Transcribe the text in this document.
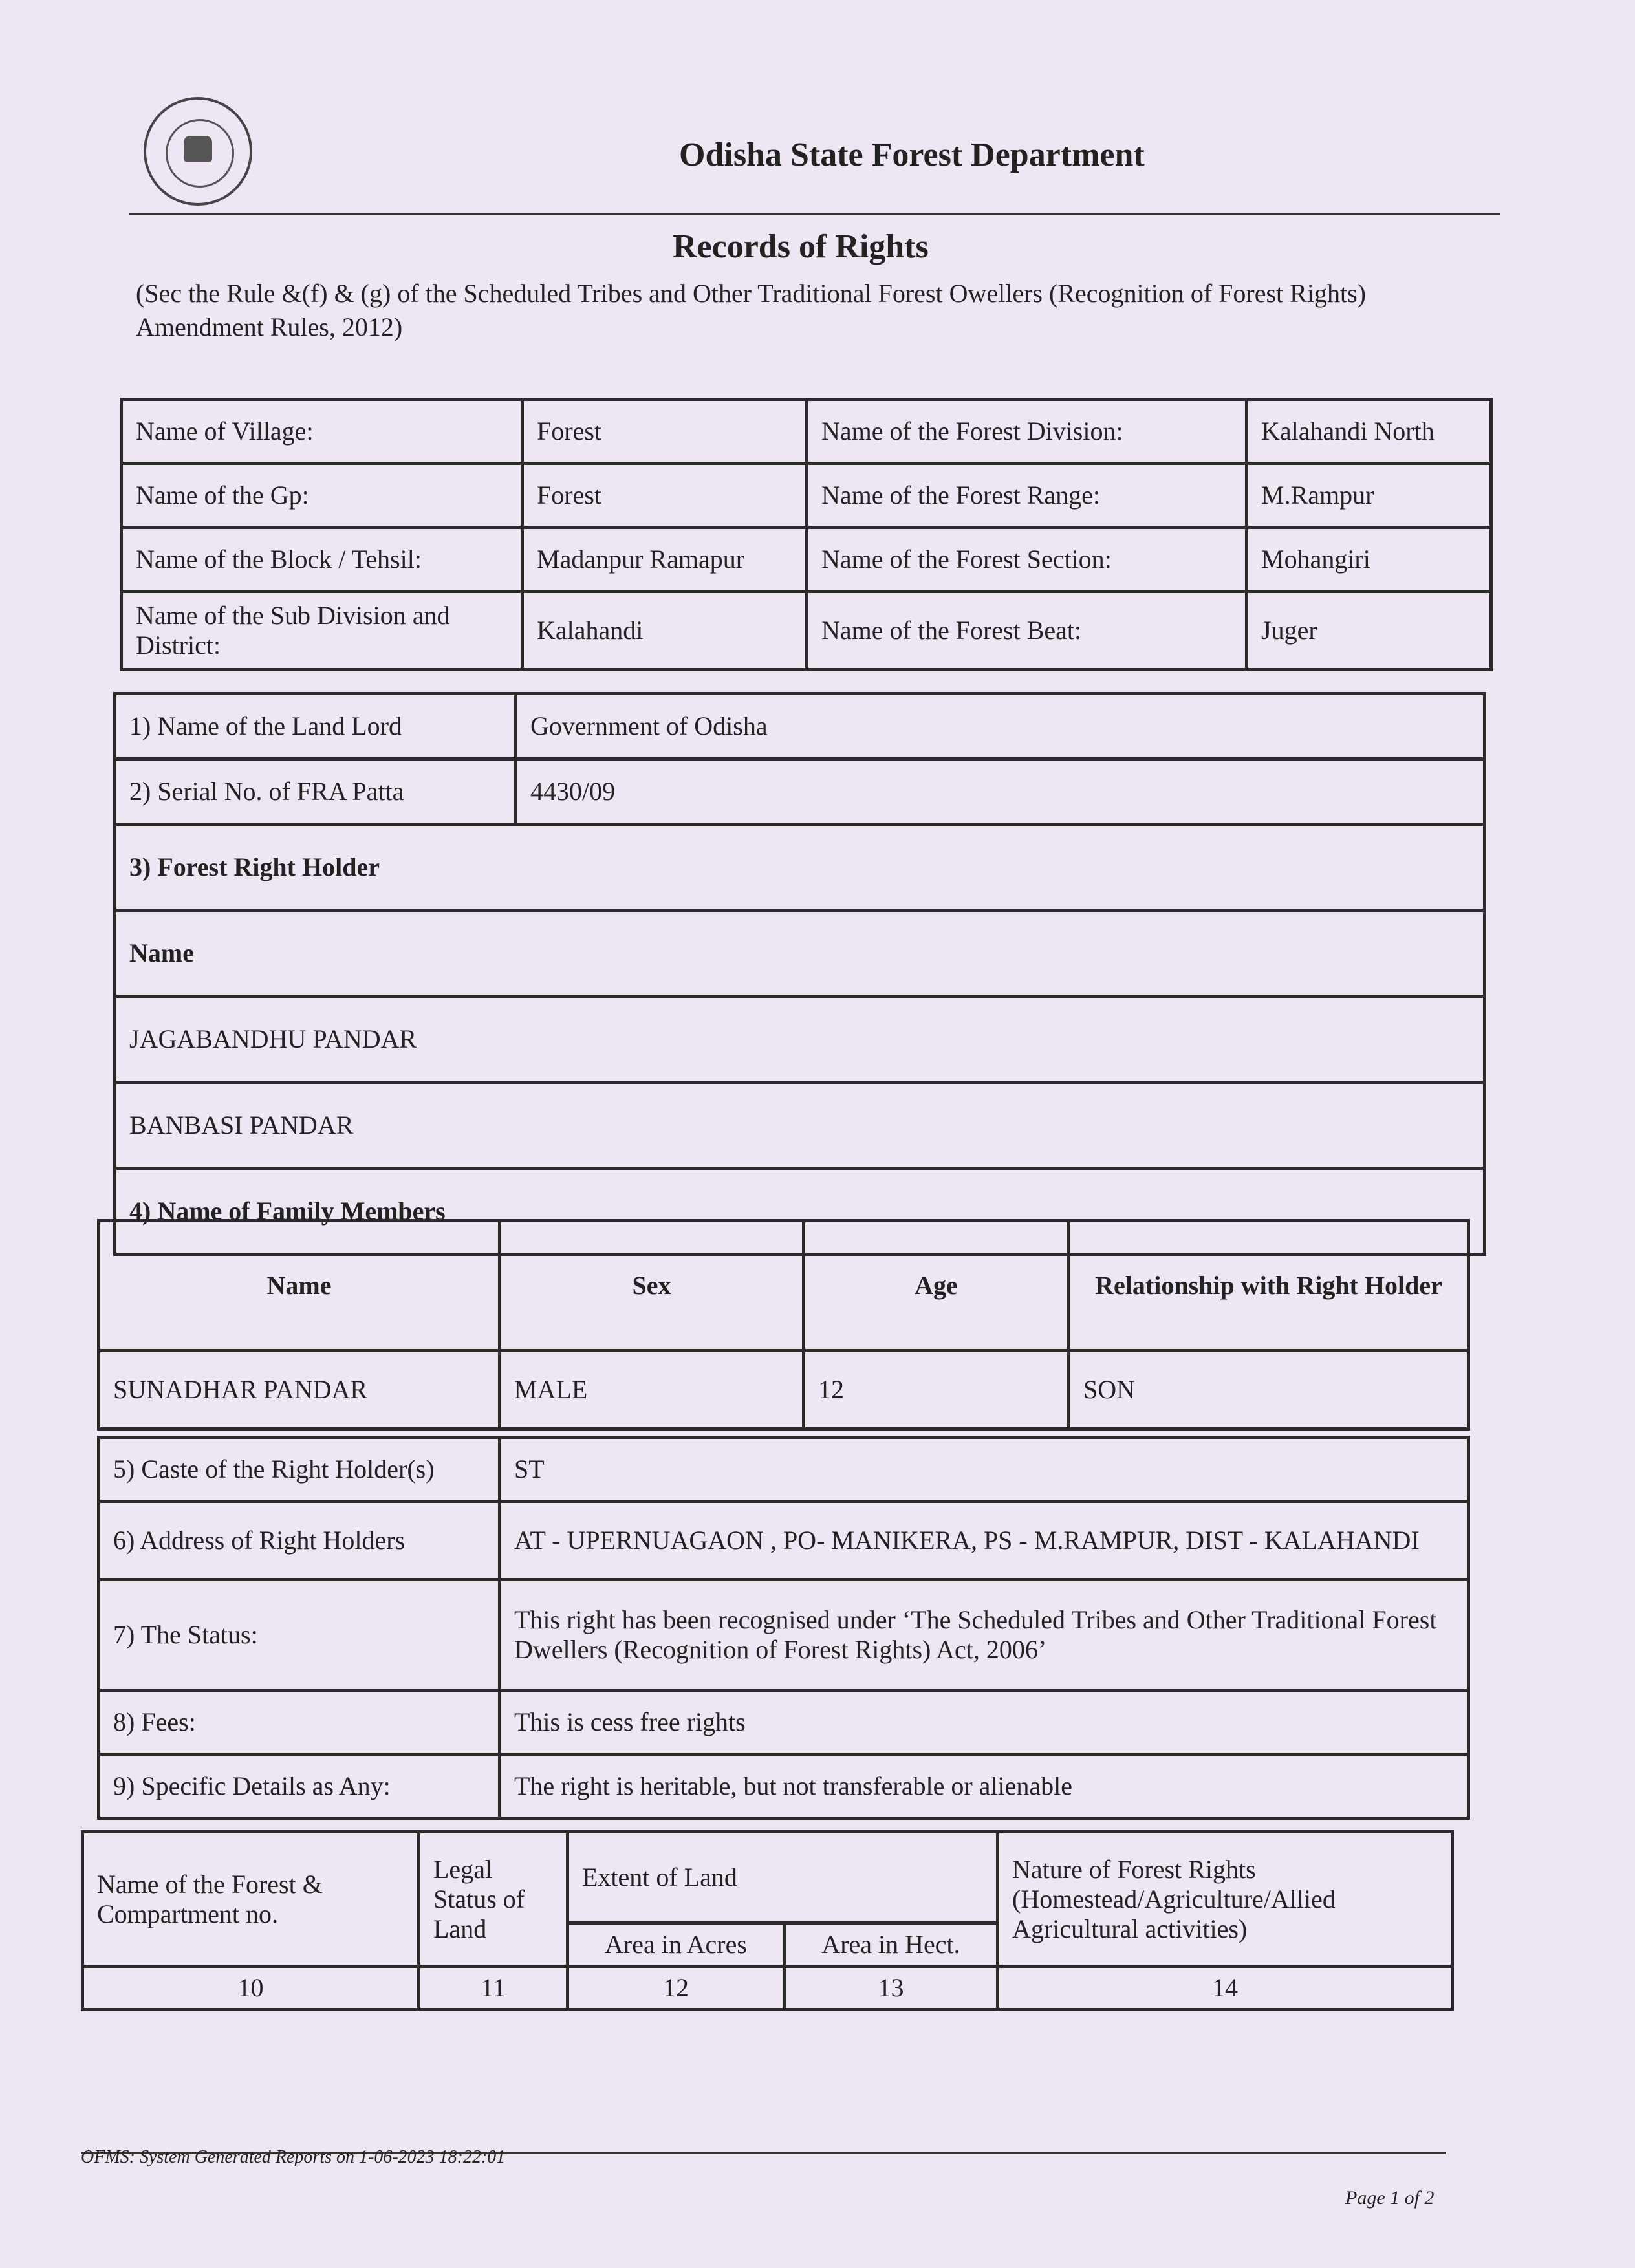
Odisha State Forest Department
Records of Rights
(Sec the Rule &(f) & (g) of the Scheduled Tribes and Other Traditional Forest Owellers (Recognition of Forest Rights) Amendment Rules, 2012)
Name of Village:	Forest	Name of the Forest Division:	Kalahandi North
Name of the Gp:	Forest	Name of the Forest Range:	M.Rampur
Name of the Block / Tehsil:	Madanpur Ramapur	Name of the Forest Section:	Mohangiri
Name of the Sub Division and District:	Kalahandi	Name of the Forest Beat:	Juger
1) Name of the Land Lord	Government of Odisha
2) Serial No. of FRA Patta	4430/09
3) Forest Right Holder	
Name	
JAGABANDHU PANDAR	
BANBASI PANDAR	
4) Name of Family Members	
Name	Sex	Age	Relationship with Right Holder
SUNADHAR PANDAR	MALE	12	SON
5) Caste of the Right Holder(s)	ST
6) Address of Right Holders	AT - UPERNUAGAON , PO- MANIKERA, PS - M.RAMPUR, DIST - KALAHANDI
7) The Status:	This right has been recognised under ‘The Scheduled Tribes and Other Traditional Forest Dwellers (Recognition of Forest Rights) Act, 2006’
8) Fees:	This is cess free rights
9) Specific Details as Any:	The right is heritable, but not transferable or alienable
Name of the Forest & Compartment no.	Legal Status of Land	Extent of Land		Nature of Forest Rights (Homestead/Agriculture/Allied Agricultural activities)
		Area in Acres	Area in Hect.	
10	11	12	13	14
OFMS: System Generated Reports on 1-06-2023 18:22:01
Page 1 of 2
